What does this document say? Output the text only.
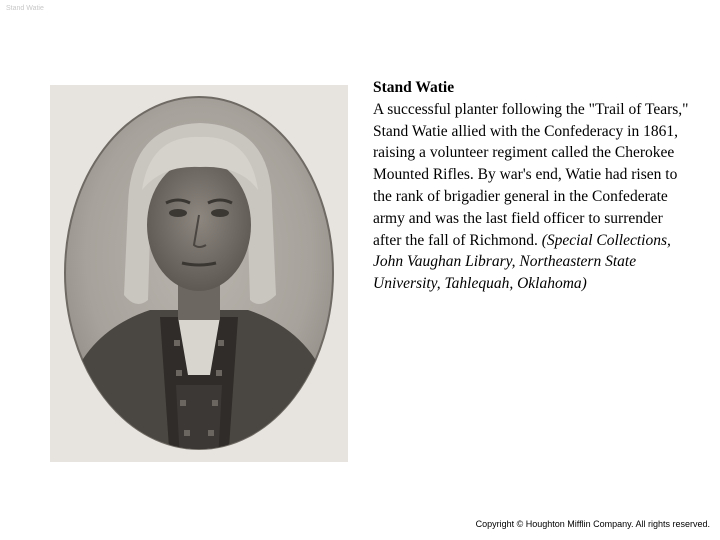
Stand Watie
Stand Watie
A successful planter following the "Trail of Tears," Stand Watie allied with the Confederacy in 1861, raising a volunteer regiment called the Cherokee Mounted Rifles. By war's end, Watie had risen to the rank of brigadier general in the Confederate army and was the last field officer to surrender after the fall of Richmond. (Special Collections, John Vaughan Library, Northeastern State University, Tahlequah, Oklahoma)
Copyright © Houghton Mifflin Company. All rights reserved.
